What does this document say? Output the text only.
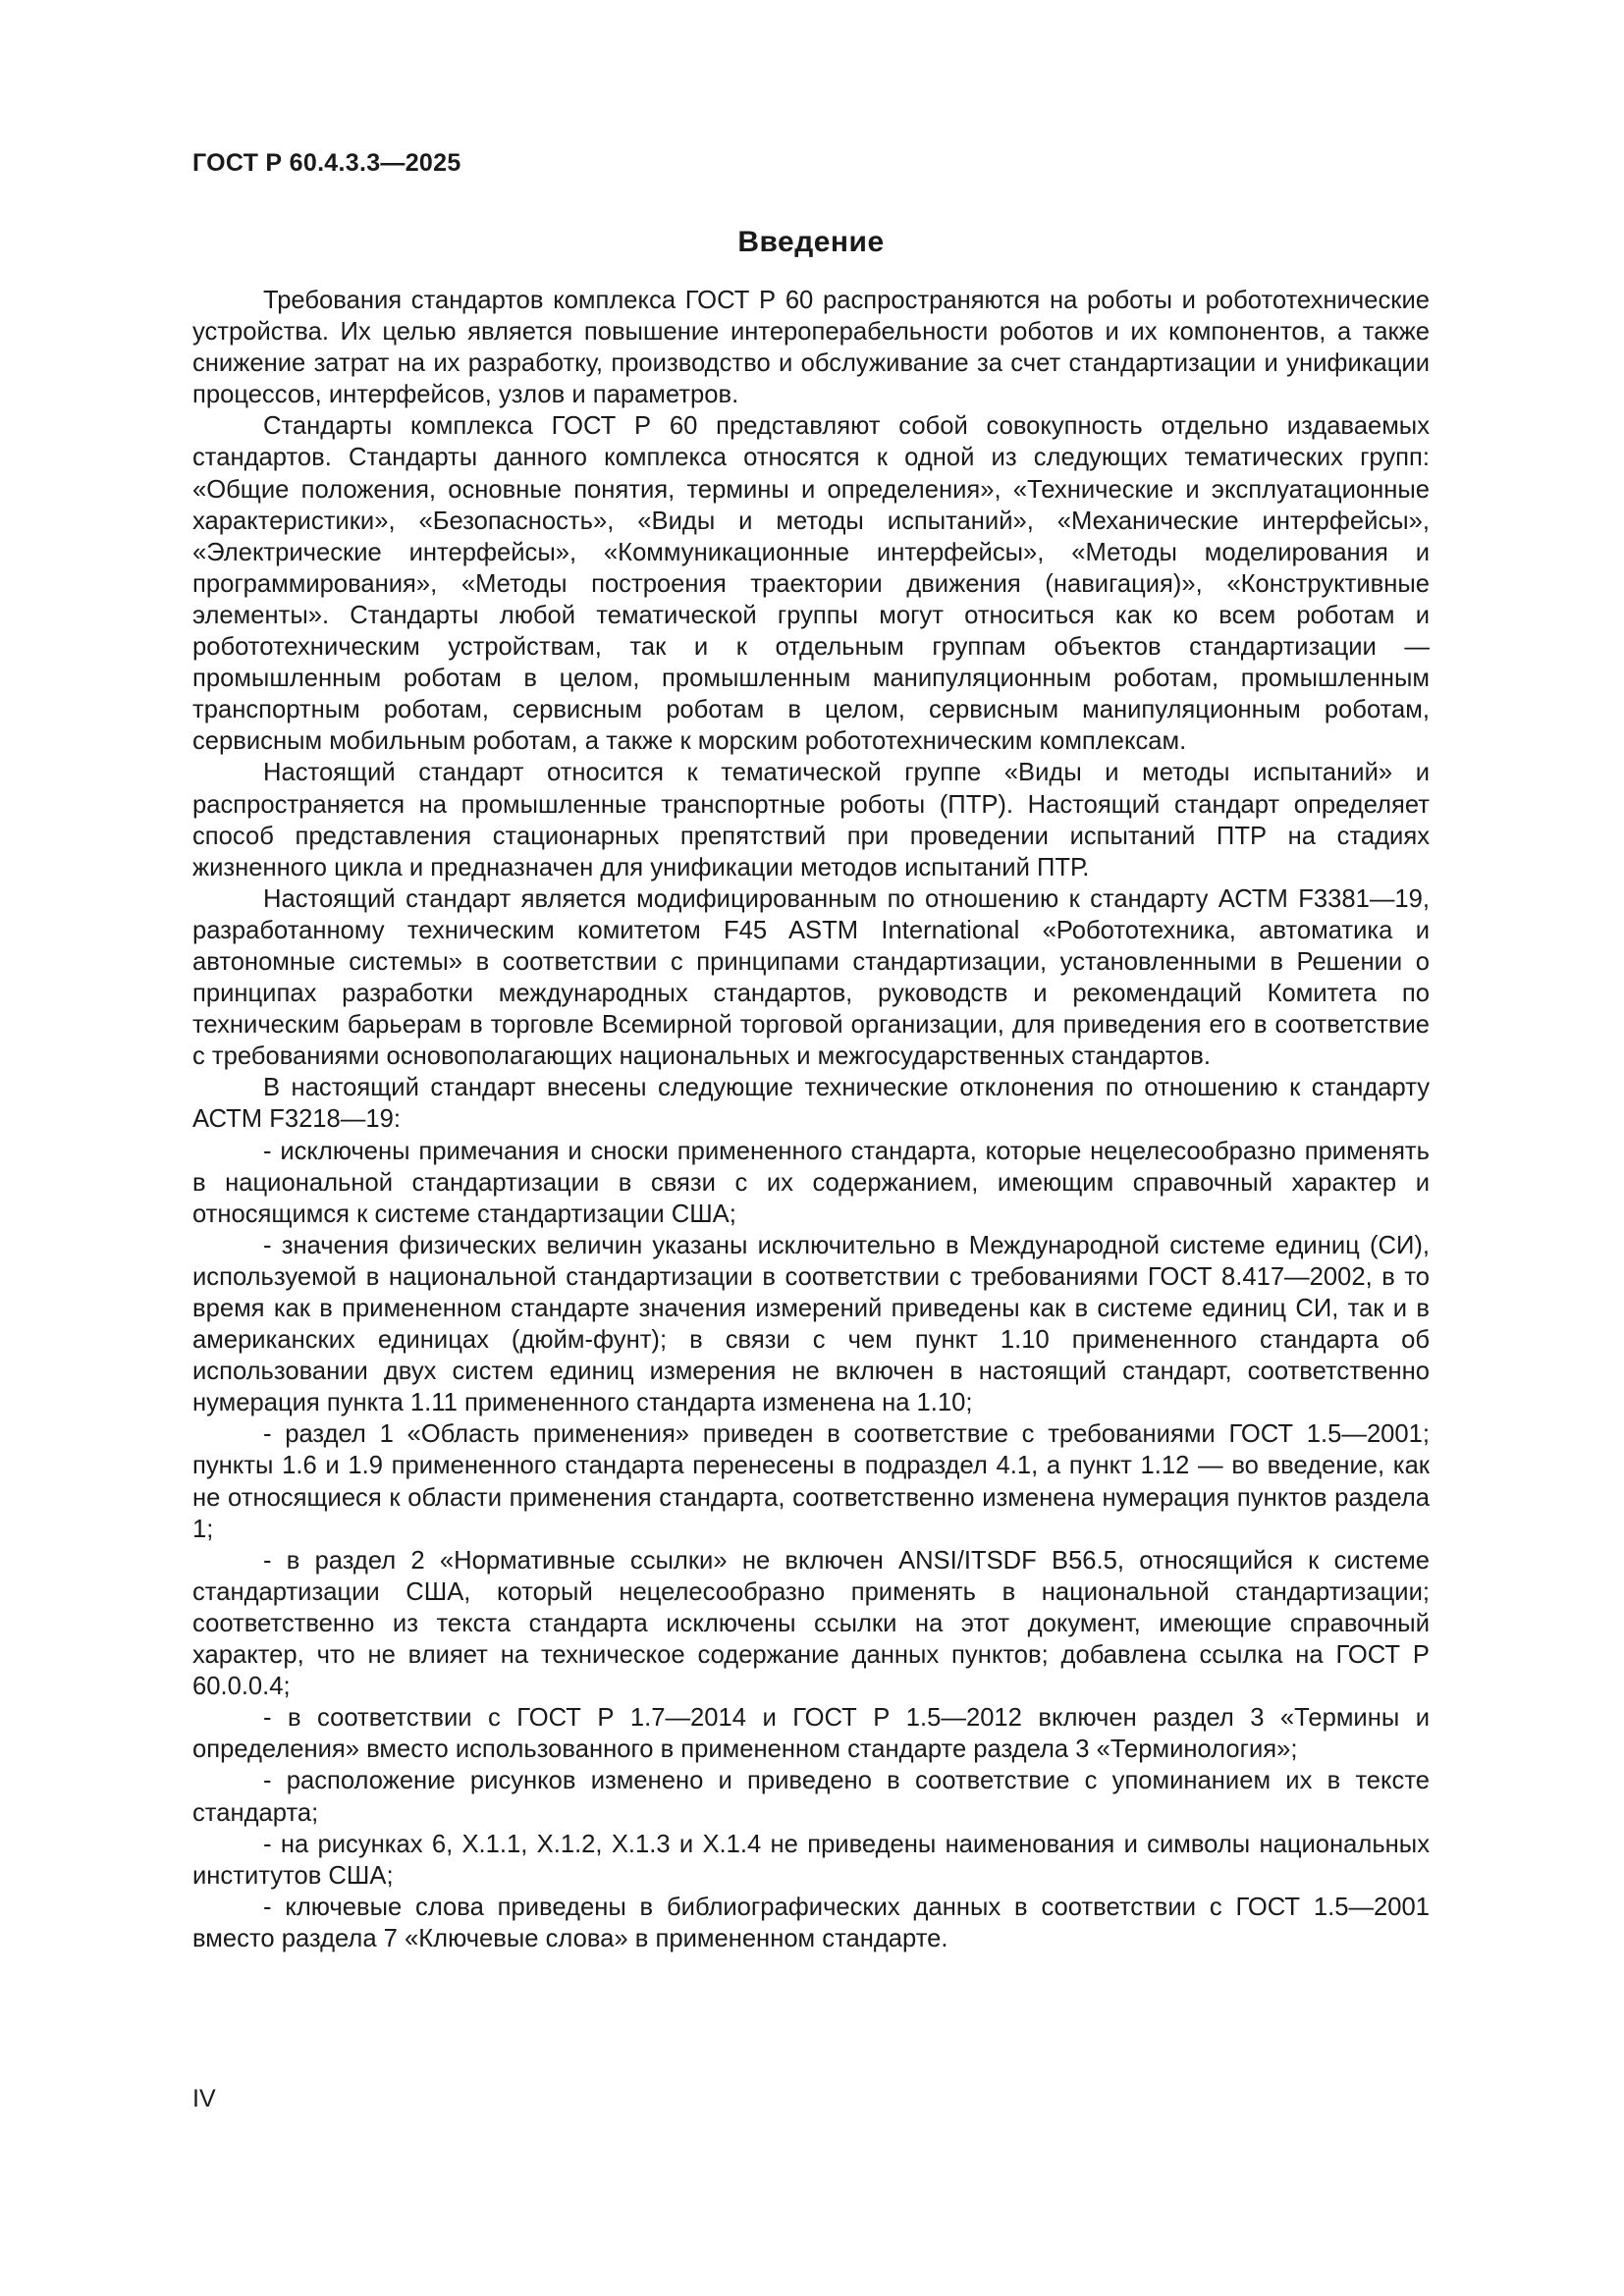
ГОСТ Р 60.4.3.3—2025
Введение

Требования стандартов комплекса ГОСТ Р 60 распространяются на роботы и робототехнические устройства. Их целью является повышение интероперабельности роботов и их компонентов, а также снижение затрат на их разработку, производство и обслуживание за счет стандартизации и унификации процессов, интерфейсов, узлов и параметров.

Стандарты комплекса ГОСТ Р 60 представляют собой совокупность отдельно издаваемых стандартов. Стандарты данного комплекса относятся к одной из следующих тематических групп: «Общие положения, основные понятия, термины и определения», «Технические и эксплуатационные характеристики», «Безопасность», «Виды и методы испытаний», «Механические интерфейсы», «Электрические интерфейсы», «Коммуникационные интерфейсы», «Методы моделирования и программирования», «Методы построения траектории движения (навигация)», «Конструктивные элементы». Стандарты любой тематической группы могут относиться как ко всем роботам и робототехническим устройствам, так и к отдельным группам объектов стандартизации — промышленным роботам в целом, промышленным манипуляционным роботам, промышленным транспортным роботам, сервисным роботам в целом, сервисным манипуляционным роботам, сервисным мобильным роботам, а также к морским робототехническим комплексам.

Настоящий стандарт относится к тематической группе «Виды и методы испытаний» и распространяется на промышленные транспортные роботы (ПТР). Настоящий стандарт определяет способ представления стационарных препятствий при проведении испытаний ПТР на стадиях жизненного цикла и предназначен для унификации методов испытаний ПТР.

Настоящий стандарт является модифицированным по отношению к стандарту АСТМ F3381—19, разработанному техническим комитетом F45 ASTM International «Робототехника, автоматика и автономные системы» в соответствии с принципами стандартизации, установленными в Решении о принципах разработки международных стандартов, руководств и рекомендаций Комитета по техническим барьерам в торговле Всемирной торговой организации, для приведения его в соответствие с требованиями основополагающих национальных и межгосударственных стандартов.

В настоящий стандарт внесены следующие технические отклонения по отношению к стандарту АСТМ F3218—19:

- исключены примечания и сноски примененного стандарта, которые нецелесообразно применять в национальной стандартизации в связи с их содержанием, имеющим справочный характер и относящимся к системе стандартизации США;

- значения физических величин указаны исключительно в Международной системе единиц (СИ), используемой в национальной стандартизации в соответствии с требованиями ГОСТ 8.417—2002, в то время как в примененном стандарте значения измерений приведены как в системе единиц СИ, так и в американских единицах (дюйм-фунт); в связи с чем пункт 1.10 примененного стандарта об использовании двух систем единиц измерения не включен в настоящий стандарт, соответственно нумерация пункта 1.11 примененного стандарта изменена на 1.10;

- раздел 1 «Область применения» приведен в соответствие с требованиями ГОСТ 1.5—2001; пункты 1.6 и 1.9 примененного стандарта перенесены в подраздел 4.1, а пункт 1.12 — во введение, как не относящиеся к области применения стандарта, соответственно изменена нумерация пунктов раздела 1;

- в раздел 2 «Нормативные ссылки» не включен ANSI/ITSDF B56.5, относящийся к системе стандартизации США, который нецелесообразно применять в национальной стандартизации; соответственно из текста стандарта исключены ссылки на этот документ, имеющие справочный характер, что не влияет на техническое содержание данных пунктов; добавлена ссылка на ГОСТ Р 60.0.0.4;

- в соответствии с ГОСТ Р 1.7—2014 и ГОСТ Р 1.5—2012 включен раздел 3 «Термины и определения» вместо использованного в примененном стандарте раздела 3 «Терминология»;

- расположение рисунков изменено и приведено в соответствие с упоминанием их в тексте стандарта;

- на рисунках 6, X.1.1, X.1.2, X.1.3 и X.1.4 не приведены наименования и символы национальных институтов США;

- ключевые слова приведены в библиографических данных в соответствии с ГОСТ 1.5—2001 вместо раздела 7 «Ключевые слова» в примененном стандарте.

IV
